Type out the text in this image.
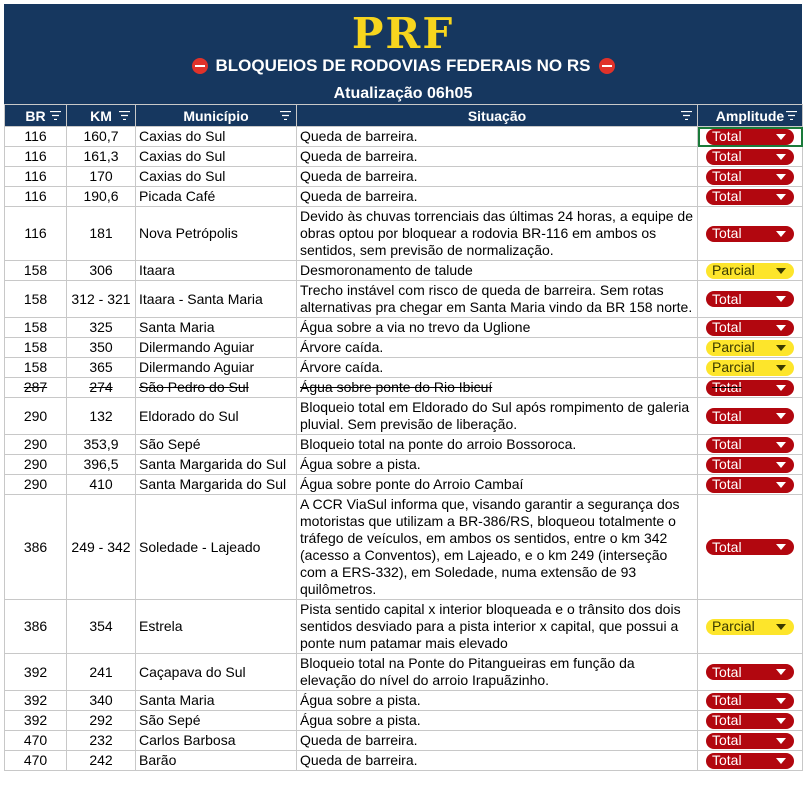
PRF
BLOQUEIOS DE RODOVIAS FEDERAIS NO RS
Atualização 06h05
BR	KM	Município	Situação	Amplitude

116	160,7	Caxias do Sul	Queda de barreira.	Total

116	161,3	Caxias do Sul	Queda de barreira.	Total

116	170	Caxias do Sul	Queda de barreira.	Total

116	190,6	Picada Café	Queda de barreira.	Total

116	181	Nova Petrópolis	Devido às chuvas torrenciais das últimas 24 horas, a equipe de obras optou por bloquear a rodovia BR-116 em ambos os sentidos, sem previsão de normalização.	Total

158	306	Itaara	Desmoronamento de talude	Parcial

158	312 - 321	Itaara - Santa Maria	Trecho instável com risco de queda de barreira. Sem rotas alternativas pra chegar em Santa Maria vindo da BR 158 norte.	Total

158	325	Santa Maria	Água sobre a via no trevo da Uglione	Total

158	350	Dilermando Aguiar	Árvore caída.	Parcial

158	365	Dilermando Aguiar	Árvore caída.	Parcial

287	274	São Pedro do Sul	Água sobre ponte do Rio Ibicuí	Total

290	132	Eldorado do Sul	Bloqueio total em Eldorado do Sul após rompimento de galeria pluvial. Sem previsão de liberação.	Total

290	353,9	São Sepé	Bloqueio total na ponte do arroio Bossoroca.	Total

290	396,5	Santa Margarida do Sul	Água sobre a pista.	Total

290	410	Santa Margarida do Sul	Água sobre ponte do Arroio Cambaí	Total

386	249 - 342	Soledade - Lajeado	A CCR ViaSul informa que, visando garantir a segurança dos motoristas que utilizam a BR-386/RS, bloqueou totalmente o tráfego de veículos, em ambos os sentidos, entre o km 342 (acesso a Conventos), em Lajeado, e o km 249 (interseção com a ERS-332), em Soledade, numa extensão de 93 quilômetros.	Total

386	354	Estrela	Pista sentido capital x interior bloqueada e o trânsito dos dois sentidos desviado para a pista interior x capital, que possui a ponte num patamar mais elevado	Parcial

392	241	Caçapava do Sul	Bloqueio total na Ponte do Pitangueiras em função da elevação do nível do arroio Irapuãzinho.	Total

392	340	Santa Maria	Água sobre a pista.	Total

392	292	São Sepé	Água sobre a pista.	Total

470	232	Carlos Barbosa	Queda de barreira.	Total

470	242	Barão	Queda de barreira.	Total
